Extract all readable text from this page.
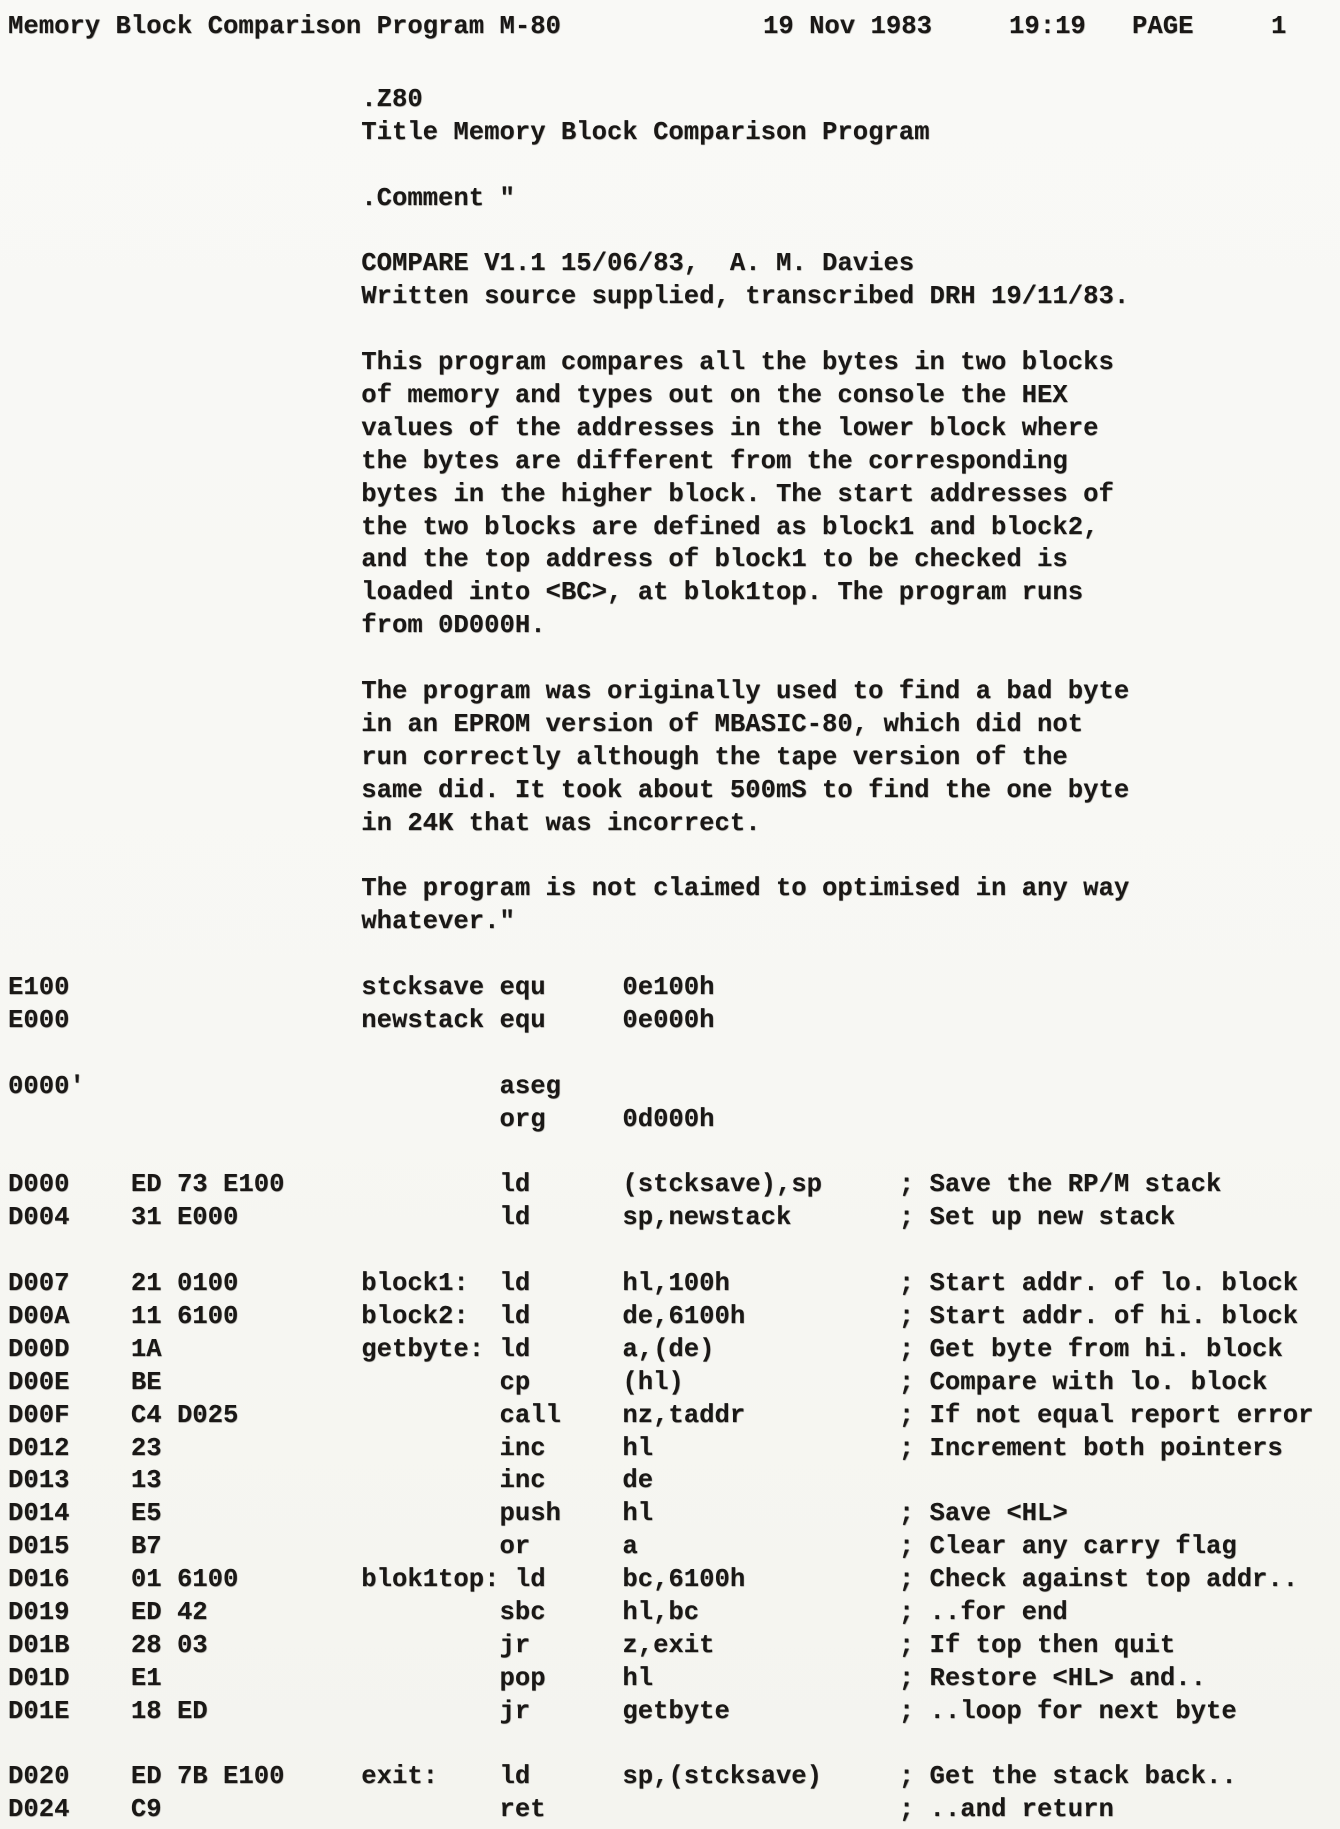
Memory Block Comparison Program M-80

	19 Nov 1983

	19:19

PAGE

	1

.Z80
Title Memory Block Comparison Program
.Comment "
COMPARE V1.1 15/06/83,  A. M. Davies
Written source supplied, transcribed DRH 19/11/83.
This program compares all the bytes in two blocks
of memory and types out on the console the HEX
values of the addresses in the lower block where
the bytes are different from the corresponding
bytes in the higher block. The start addresses of
the two blocks are defined as block1 and block2,
and the top address of block1 to be checked is
loaded into <BC>, at blok1top. The program runs
from 0D000H.
The program was originally used to find a bad byte
in an EPROM version of MBASIC-80, which did not
run correctly although the tape version of the
same did. It took about 500mS to find the one byte
in 24K that was incorrect.
The program is not claimed to optimised in any way
whatever."
E100                   stcksave equ     0e100h
E000                   newstack equ     0e000h
0000'                           aseg
org     0d000h
D000    ED 73 E100              ld      (stcksave),sp     ; Save the RP/M stack
D004    31 E000                 ld      sp,newstack       ; Set up new stack
D007    21 0100        block1:  ld      hl,100h           ; Start addr. of lo. block
D00A    11 6100        block2:  ld      de,6100h          ; Start addr. of hi. block
D00D    1A             getbyte: ld      a,(de)            ; Get byte from hi. block
D00E    BE                      cp      (hl)              ; Compare with lo. block
D00F    C4 D025                 call    nz,taddr          ; If not equal report error
D012    23                      inc     hl                ; Increment both pointers
D013    13                      inc     de
D014    E5                      push    hl                ; Save <HL>
D015    B7                      or      a                 ; Clear any carry flag
D016    01 6100        blok1top: ld     bc,6100h          ; Check against top addr..
D019    ED 42                   sbc     hl,bc             ; ..for end
D01B    28 03                   jr      z,exit            ; If top then quit
D01D    E1                      pop     hl                ; Restore <HL> and..
D01E    18 ED                   jr      getbyte           ; ..loop for next byte
D020    ED 7B E100     exit:    ld      sp,(stcksave)     ; Get the stack back..
D024    C9                      ret                       ; ..and return
